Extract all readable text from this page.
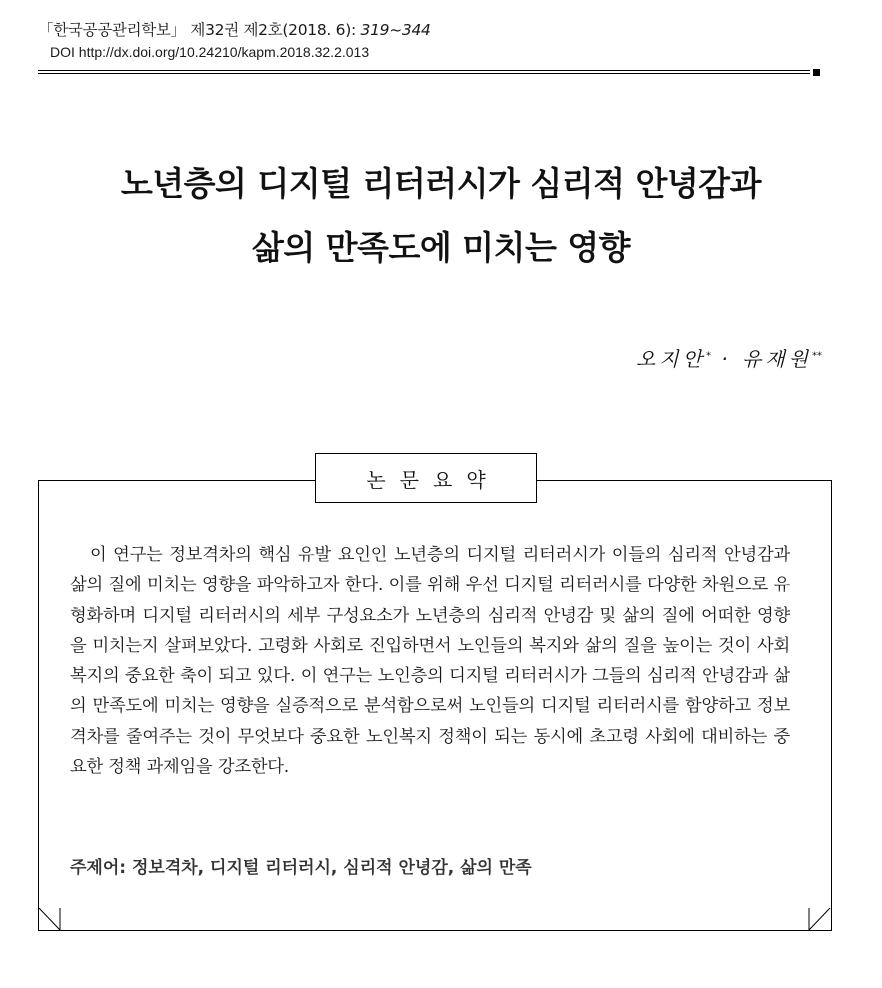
「한국공공관리학보」 제32권 제2호(2018. 6): 319~344
DOI http://dx.doi.org/10.24210/kapm.2018.32.2.013
노년층의 디지털 리터러시가 심리적 안녕감과
삶의 만족도에 미치는 영향
오지안* · 유재원**
논문요약
이 연구는 정보격차의 핵심 유발 요인인 노년층의 디지털 리터러시가 이들의 심리적 안녕감과 삶의 질에 미치는 영향을 파악하고자 한다. 이를 위해 우선 디지털 리터러시를 다양한 차원으로 유형화하며 디지털 리터러시의 세부 구성요소가 노년층의 심리적 안녕감 및 삶의 질에 어떠한 영향을 미치는지 살펴보았다. 고령화 사회로 진입하면서 노인들의 복지와 삶의 질을 높이는 것이 사회복지의 중요한 축이 되고 있다. 이 연구는 노인층의 디지털 리터러시가 그들의 심리적 안녕감과 삶의 만족도에 미치는 영향을 실증적으로 분석함으로써 노인들의 디지털 리터러시를 함양하고 정보격차를 줄여주는 것이 무엇보다 중요한 노인복지 정책이 되는 동시에 초고령 사회에 대비하는 중요한 정책 과제임을 강조한다.
주제어: 정보격차, 디지털 리터러시, 심리적 안녕감, 삶의 만족
